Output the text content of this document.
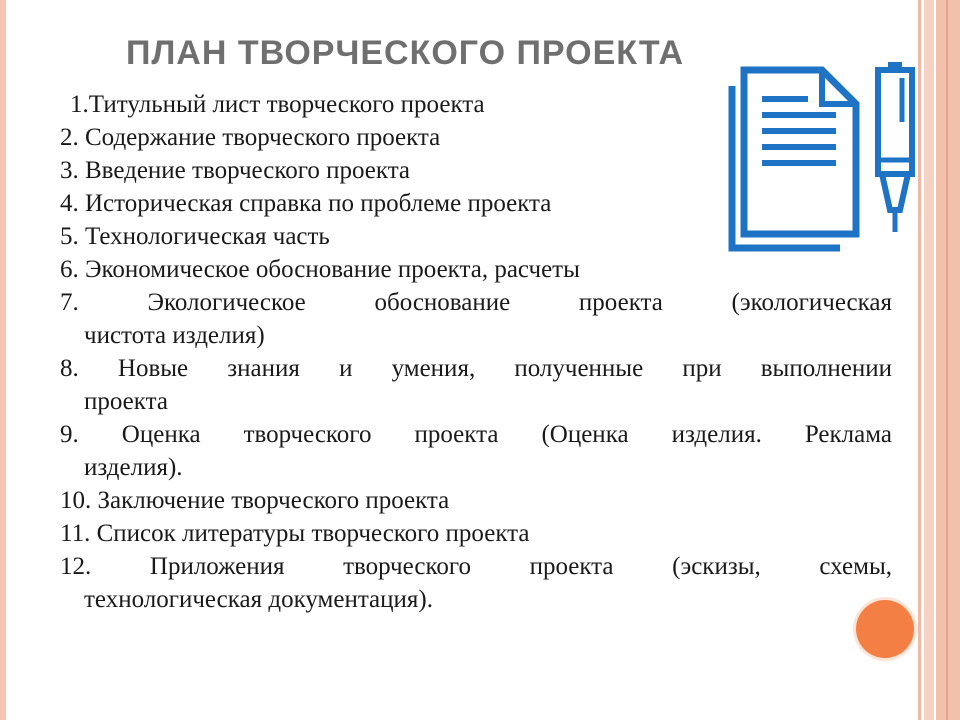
ПЛАН ТВОРЧЕСКОГО ПРОЕКТА
1.Титульный лист творческого проекта
2. Содержание творческого проекта
3. Введение творческого проекта
4. Историческая справка по проблеме проекта
5. Технологическая часть
6. Экономическое обоснование проекта, расчеты
7. Экологическое обоснование проекта (экологическая
чистота изделия)
8. Новые знания и умения, полученные при выполнении
проекта
9. Оценка творческого проекта (Оценка изделия. Реклама
изделия).
10. Заключение творческого проекта
11. Список литературы творческого проекта
12. Приложения творческого проекта (эскизы, схемы,
технологическая документация).
